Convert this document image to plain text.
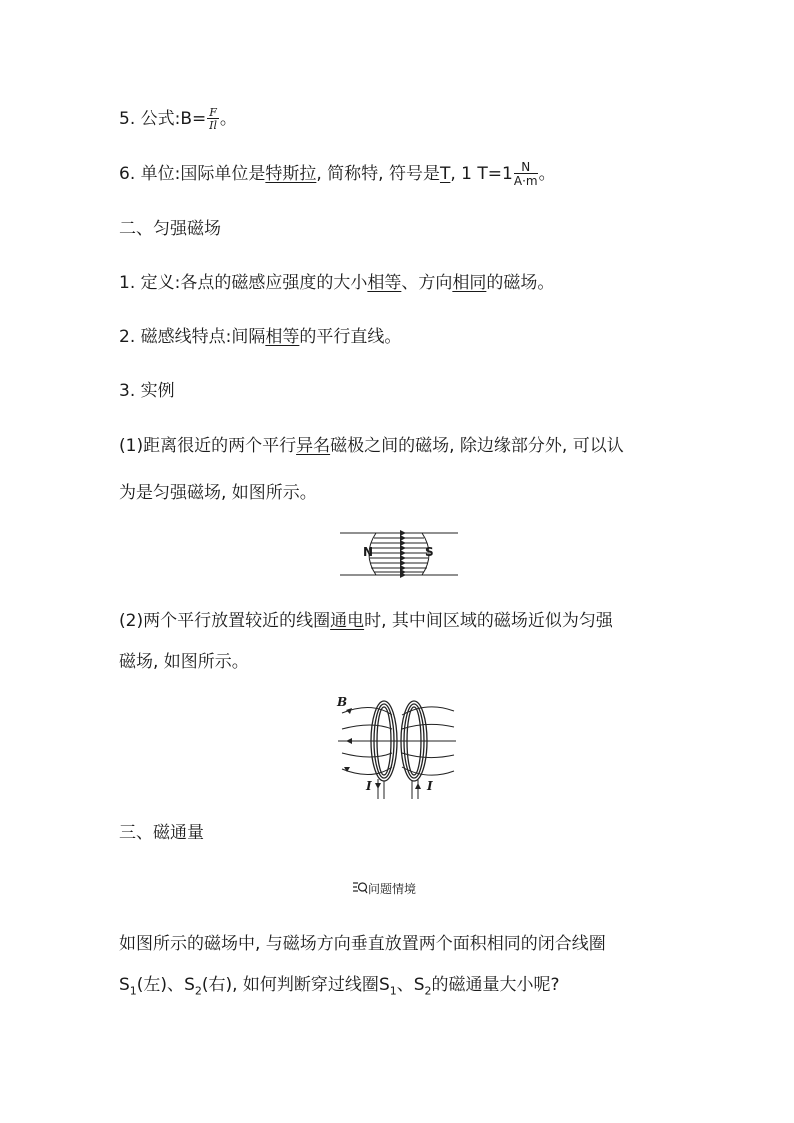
5. 公式:B= $\frac{F}{Il}$ 。
6. 单位:国际单位是特斯拉, 简称特, 符号是T, 1 $T=1 \frac{N}{A\cdot m}$ 。
二、匀强磁场
1. 定义:各点的磁感应强度的大小相等、方向相同的磁场。
2. 磁感线特点:间隔相等的平行直线。
3. 实例
(1)距离很近的两个平行异名磁极之间的磁场, 除边缘部分外, 可以认
为是匀强磁场, 如图所示。
N	S
(2)两个平行放置较近的线圈通电时, 其中间区域的磁场近似为匀强
磁场, 如图所示。
B
I	I
三、磁通量
问题情境
如图所示的磁场中, 与磁场方向垂直放置两个面积相同的闭合线圈
$S_1$(左)、$S_2$(右), 如何判断穿过线圈$S_1$、$S_2$的磁通量大小呢?
